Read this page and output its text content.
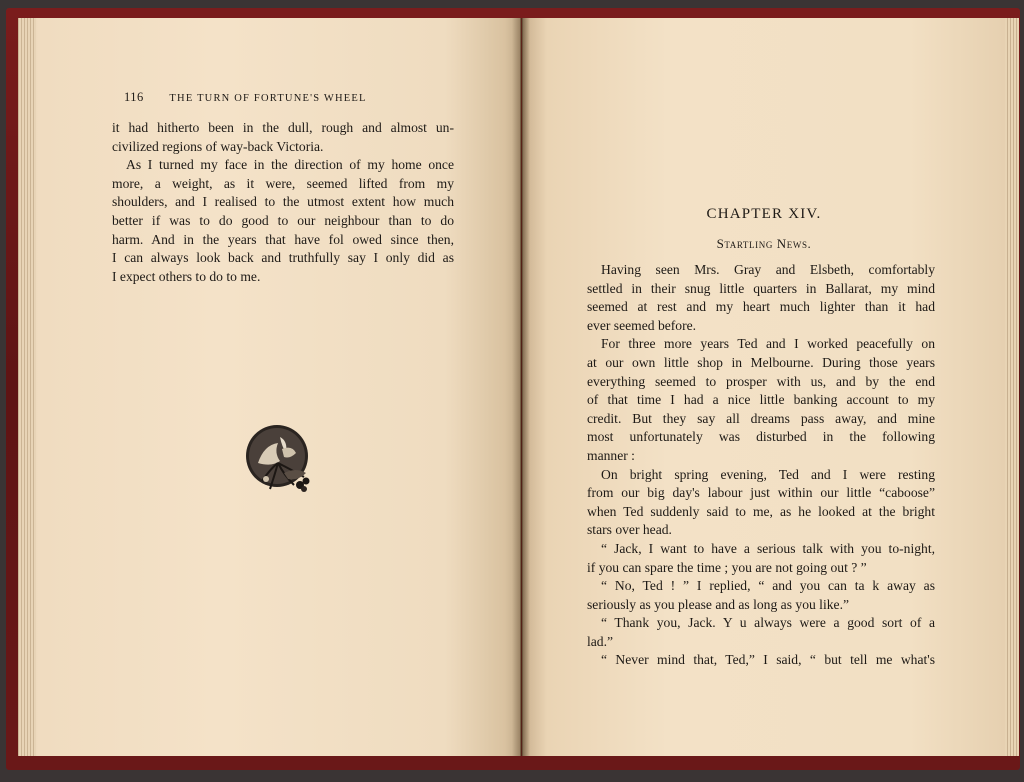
116 THE TURN OF FORTUNE'S WHEEL
it had hitherto been in the dull, rough and almost un-
civilized regions of way-back Victoria.
As I turned my face in the direction of my home once
more, a weight, as it were, seemed lifted from my
shoulders, and I realised to the utmost extent how much
better if was to do good to our neighbour than to do
harm. And in the years that have fol owed since then,
I can always look back and truthfully say I only did as
I expect others to do to me.
CHAPTER XIV.
Startling News.
Having seen Mrs. Gray and Elsbeth, comfortably
settled in their snug little quarters in Ballarat, my mind
seemed at rest and my heart much lighter than it had
ever seemed before.
For three more years Ted and I worked peacefully on
at our own little shop in Melbourne. During those years
everything seemed to prosper with us, and by the end
of that time I had a nice little banking account to my
credit. But they say all dreams pass away, and mine
most unfortunately was disturbed in the following
manner :
On bright spring evening, Ted and I were resting
from our big day's labour just within our little “caboose”
when Ted suddenly said to me, as he looked at the bright
stars over head.
“ Jack, I want to have a serious talk with you to-night,
if you can spare the time ; you are not going out ? ”
“ No, Ted ! ” I replied, “ and you can ta k away as
seriously as you please and as long as you like.”
“ Thank you, Jack. Y u always were a good sort of a
lad.”
“ Never mind that, Ted,” I said, “ but tell me what's
